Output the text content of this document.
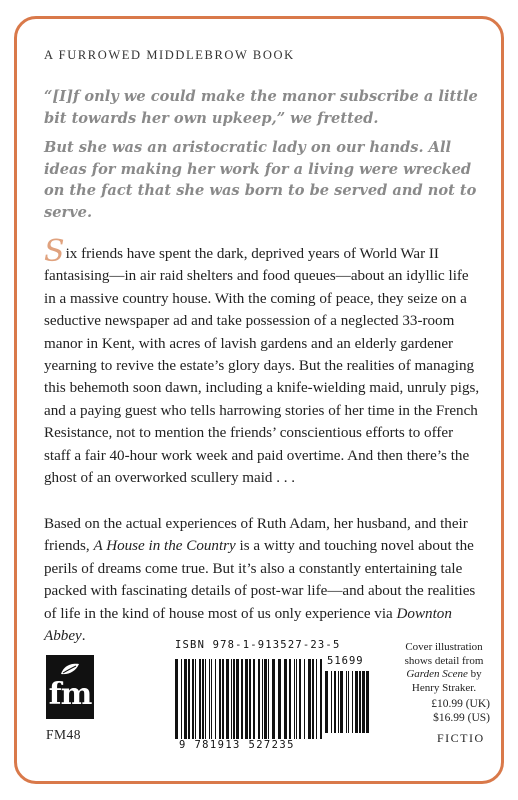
A FURROWED MIDDLEBROW BOOK

“[I]f only we could make the manor subscribe a little bit towards her own upkeep,” we fretted.

But she was an aristocratic lady on our hands. All ideas for making her work for a living were wrecked on the fact that she was born to be served and not to serve.

Six friends have spent the dark, deprived years of World War II fantasising—in air raid shelters and food queues—about an idyllic life in a massive country house. With the coming of peace, they seize on a seductive newspaper ad and take possession of a neglected 33-room manor in Kent, with acres of lavish gardens and an elderly gardener yearning to revive the estate’s glory days. But the realities of managing this behemoth soon dawn, including a knife-wielding maid, unruly pigs, and a paying guest who tells harrowing stories of her time in the French Resistance, not to mention the friends’ conscientious efforts to offer staff a fair 40-hour work week and paid overtime. And then there’s the ghost of an overworked scullery maid . . .

Based on the actual experiences of Ruth Adam, her husband, and their friends, A House in the Country is a witty and touching novel about the perils of dreams come true. But it’s also a constantly entertaining tale packed with fascinating details of post-war life—and about the realities of life in the kind of house most of us only experience via Downton Abbey.

fm
FM48
ISBN 978-1-913527-23-5
51699
9 781913 527235
Cover illustration
shows detail from
Garden Scene by
Henry Straker.
£10.99 (UK)
$16.99 (US)
FICTIO
